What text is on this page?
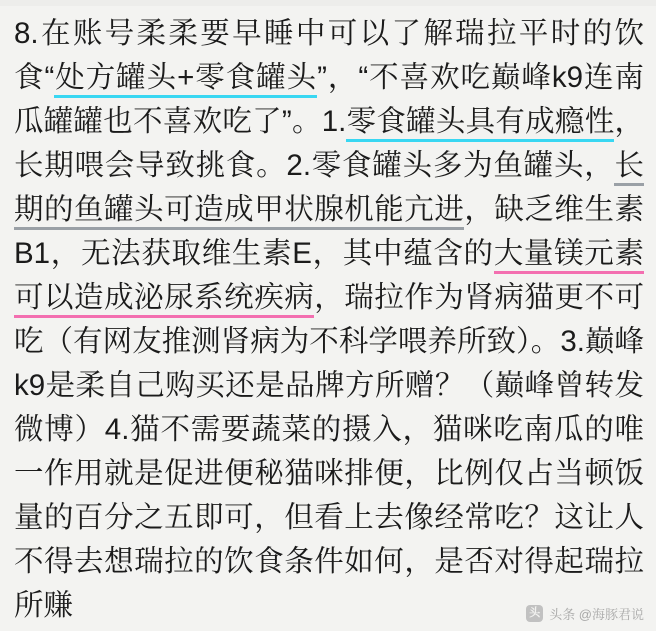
8.在账号柔柔要早睡中可以了解瑞拉平时的饮食“处方罐头+零食罐头”，“不喜欢吃巅峰k9连南瓜罐罐也不喜欢吃了”。1.零食罐头具有成瘾性，长期喂会导致挑食。2.零食罐头多为鱼罐头，长期的鱼罐头可造成甲状腺机能亢进，缺乏维生素B1，无法获取维生素E，其中蕴含的大量镁元素可以造成泌尿系统疾病，瑞拉作为肾病猫更不可吃（有网友推测肾病为不科学喂养所致）。3.巅峰k9是柔自己购买还是品牌方所赠？（巅峰曾转发微博）4.猫不需要蔬菜的摄入，猫咪吃南瓜的唯一作用就是促进便秘猫咪排便，比例仅占当顿饭量的百分之五即可，但看上去像经常吃？这让人不得去想瑞拉的饮食条件如何，是否对得起瑞拉所赚	头 头条 @海豚君说
